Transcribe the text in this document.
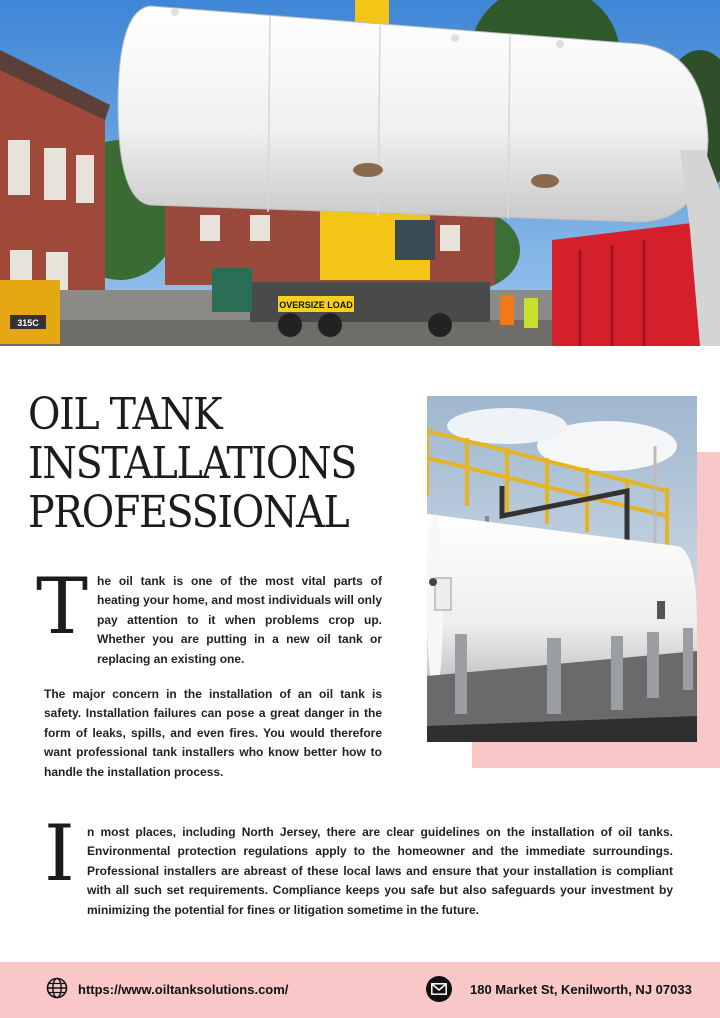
OVERSIZE LOAD
315C
OIL TANK
INSTALLATIONS
PROFESSIONAL
T he oil tank is one of the most vital parts of heating your home, and most individuals will only pay attention to it when problems crop up. Whether you are putting in a new oil tank or replacing an existing one.

The major concern in the installation of an oil tank is safety. Installation failures can pose a great danger in the form of leaks, spills, and even fires. You would therefore want professional tank installers who know better how to handle the installation process.

I n most places, including North Jersey, there are clear guidelines on the installation of oil tanks. Environmental protection regulations apply to the homeowner and the immediate surroundings. Professional installers are abreast of these local laws and ensure that your installation is compliant with all such set requirements. Compliance keeps you safe but also safeguards your investment by minimizing the potential for fines or litigation sometime in the future.

https://www.oiltanksolutions.com/	180 Market St, Kenilworth, NJ 07033
